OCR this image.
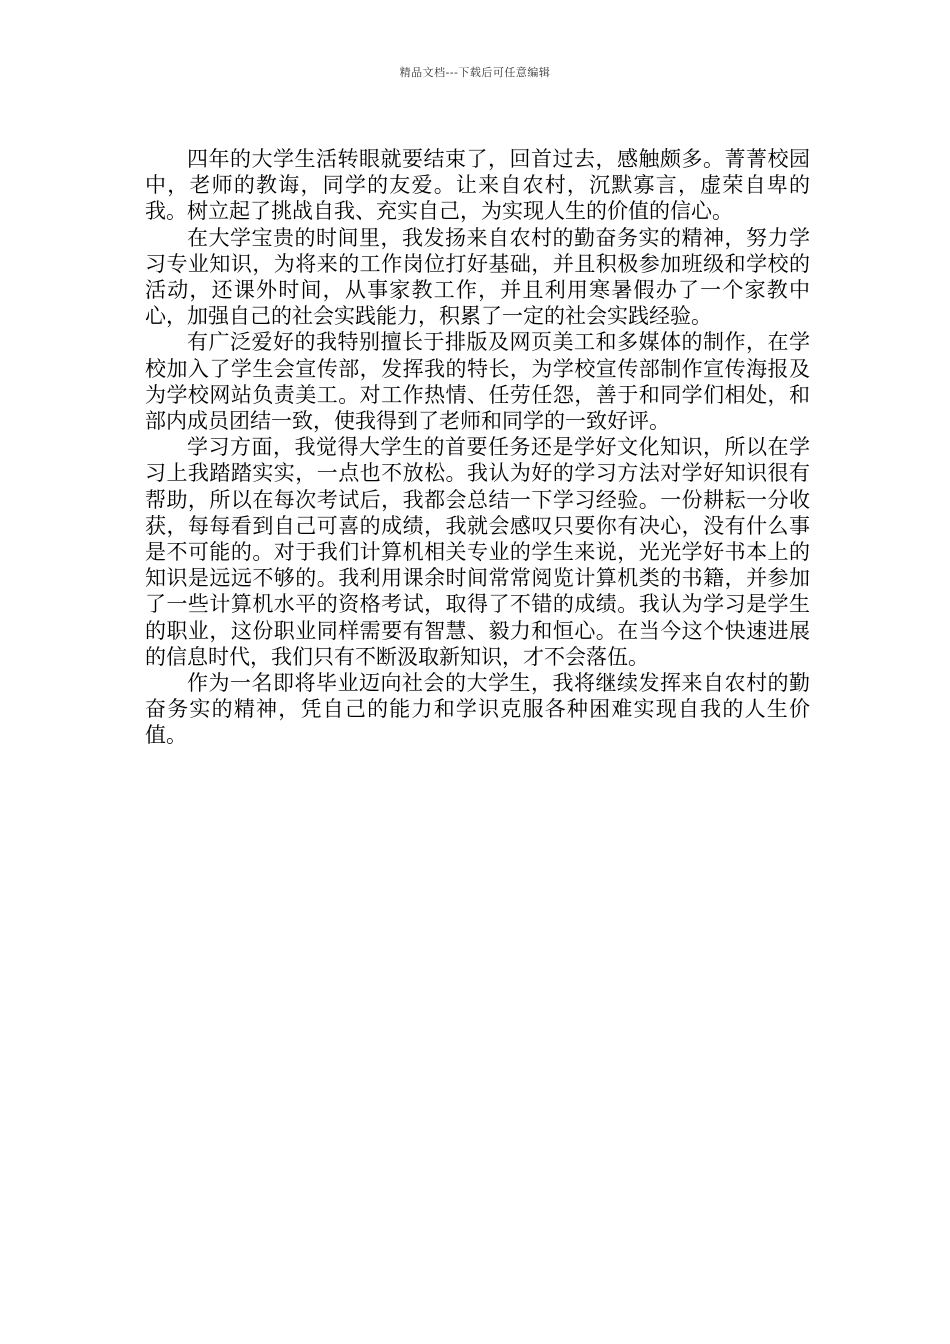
精品文档---下载后可任意编辑

四年的大学生活转眼就要结束了，回首过去，感触颇多。菁菁校园中，老师的教诲，同学的友爱。让来自农村，沉默寡言，虚荣自卑的我。树立起了挑战自我、充实自己，为实现人生的价值的信心。

在大学宝贵的时间里，我发扬来自农村的勤奋务实的精神，努力学习专业知识，为将来的工作岗位打好基础，并且积极参加班级和学校的活动，还课外时间，从事家教工作，并且利用寒暑假办了一个家教中心，加强自己的社会实践能力，积累了一定的社会实践经验。

有广泛爱好的我特别擅长于排版及网页美工和多媒体的制作，在学校加入了学生会宣传部，发挥我的特长，为学校宣传部制作宣传海报及为学校网站负责美工。对工作热情、任劳任怨，善于和同学们相处，和部内成员团结一致，使我得到了老师和同学的一致好评。

学习方面，我觉得大学生的首要任务还是学好文化知识，所以在学习上我踏踏实实，一点也不放松。我认为好的学习方法对学好知识很有帮助，所以在每次考试后，我都会总结一下学习经验。一份耕耘一分收获，每每看到自己可喜的成绩，我就会感叹只要你有决心，没有什么事是不可能的。对于我们计算机相关专业的学生来说，光光学好书本上的知识是远远不够的。我利用课余时间常常阅览计算机类的书籍，并参加了一些计算机水平的资格考试，取得了不错的成绩。我认为学习是学生的职业，这份职业同样需要有智慧、毅力和恒心。在当今这个快速进展的信息时代，我们只有不断汲取新知识，才不会落伍。

作为一名即将毕业迈向社会的大学生，我将继续发挥来自农村的勤奋务实的精神，凭自己的能力和学识克服各种困难实现自我的人生价值。
